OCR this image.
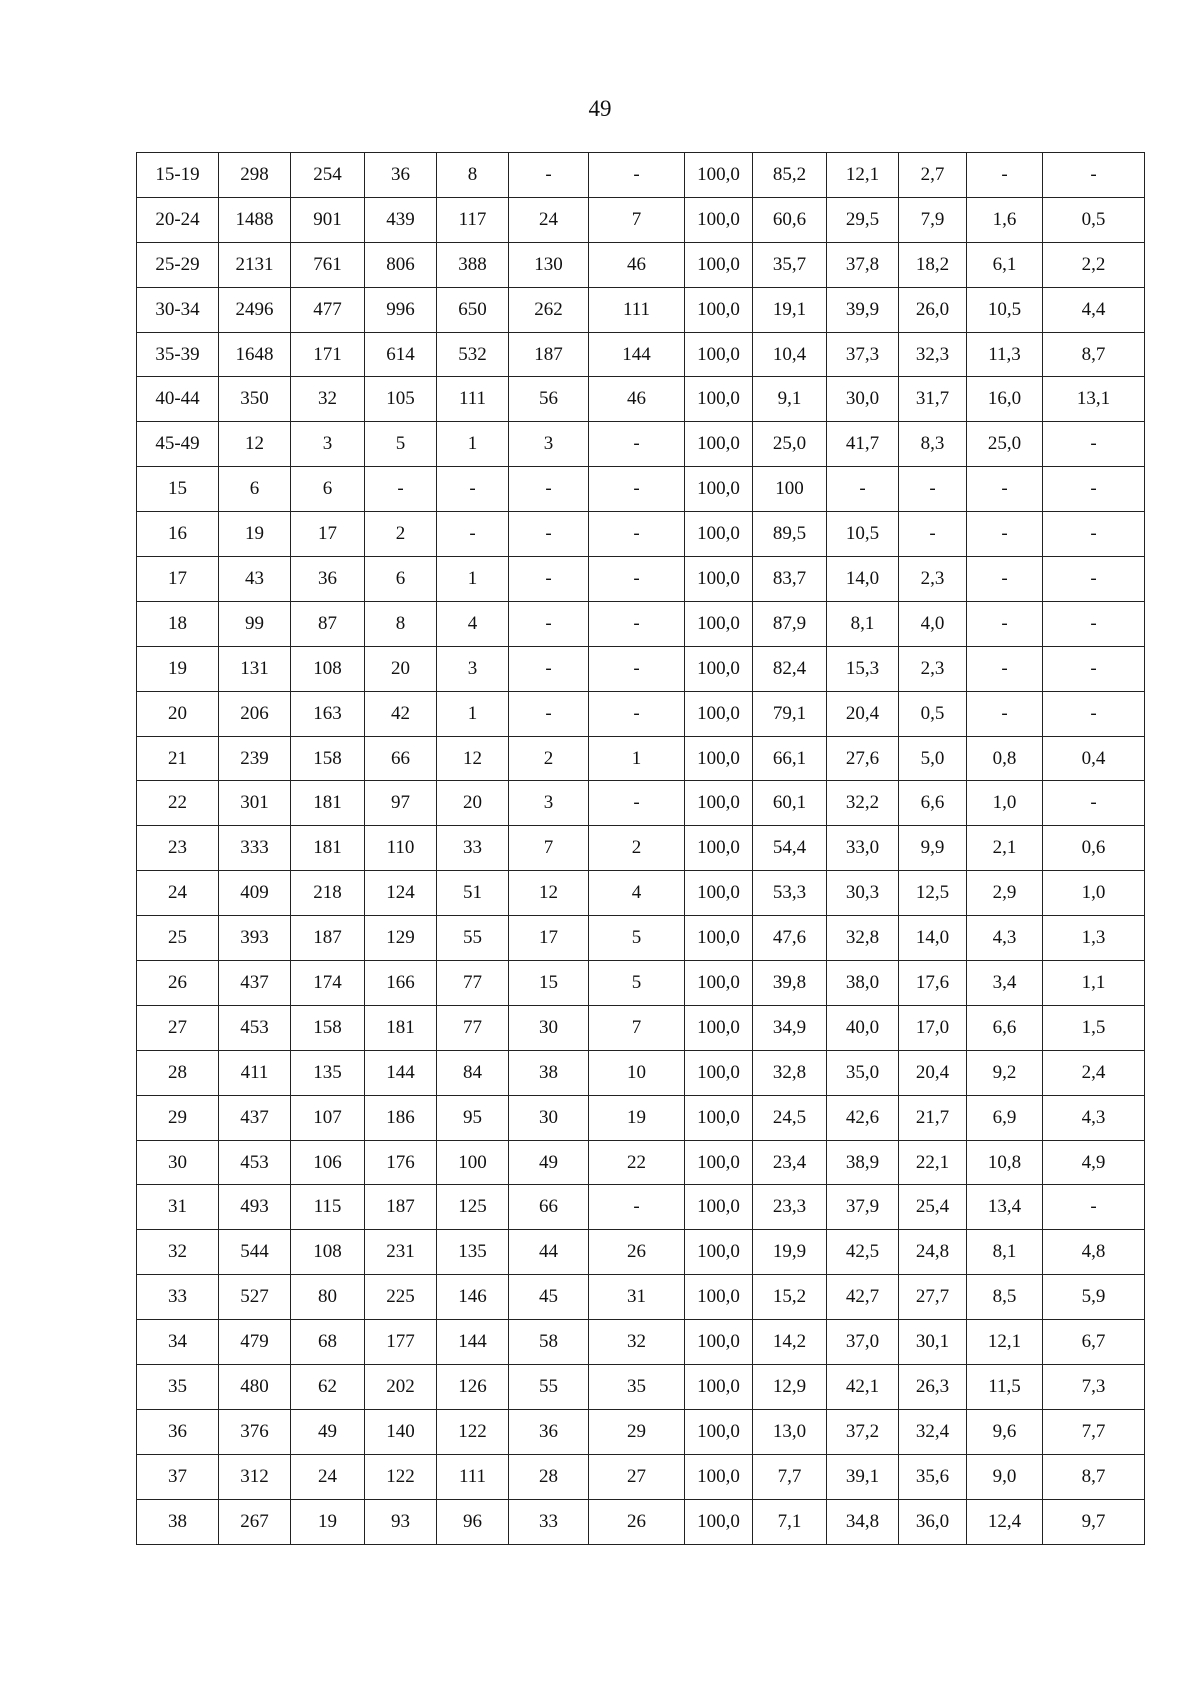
49
15-19	298	254	36	8	-	-	100,0	85,2	12,1	2,7	-	-
20-24	1488	901	439	117	24	7	100,0	60,6	29,5	7,9	1,6	0,5
25-29	2131	761	806	388	130	46	100,0	35,7	37,8	18,2	6,1	2,2
30-34	2496	477	996	650	262	111	100,0	19,1	39,9	26,0	10,5	4,4
35-39	1648	171	614	532	187	144	100,0	10,4	37,3	32,3	11,3	8,7
40-44	350	32	105	111	56	46	100,0	9,1	30,0	31,7	16,0	13,1
45-49	12	3	5	1	3	-	100,0	25,0	41,7	8,3	25,0	-
15	6	6	-	-	-	-	100,0	100	-	-	-	-
16	19	17	2	-	-	-	100,0	89,5	10,5	-	-	-
17	43	36	6	1	-	-	100,0	83,7	14,0	2,3	-	-
18	99	87	8	4	-	-	100,0	87,9	8,1	4,0	-	-
19	131	108	20	3	-	-	100,0	82,4	15,3	2,3	-	-
20	206	163	42	1	-	-	100,0	79,1	20,4	0,5	-	-
21	239	158	66	12	2	1	100,0	66,1	27,6	5,0	0,8	0,4
22	301	181	97	20	3	-	100,0	60,1	32,2	6,6	1,0	-
23	333	181	110	33	7	2	100,0	54,4	33,0	9,9	2,1	0,6
24	409	218	124	51	12	4	100,0	53,3	30,3	12,5	2,9	1,0
25	393	187	129	55	17	5	100,0	47,6	32,8	14,0	4,3	1,3
26	437	174	166	77	15	5	100,0	39,8	38,0	17,6	3,4	1,1
27	453	158	181	77	30	7	100,0	34,9	40,0	17,0	6,6	1,5
28	411	135	144	84	38	10	100,0	32,8	35,0	20,4	9,2	2,4
29	437	107	186	95	30	19	100,0	24,5	42,6	21,7	6,9	4,3
30	453	106	176	100	49	22	100,0	23,4	38,9	22,1	10,8	4,9
31	493	115	187	125	66	-	100,0	23,3	37,9	25,4	13,4	-
32	544	108	231	135	44	26	100,0	19,9	42,5	24,8	8,1	4,8
33	527	80	225	146	45	31	100,0	15,2	42,7	27,7	8,5	5,9
34	479	68	177	144	58	32	100,0	14,2	37,0	30,1	12,1	6,7
35	480	62	202	126	55	35	100,0	12,9	42,1	26,3	11,5	7,3
36	376	49	140	122	36	29	100,0	13,0	37,2	32,4	9,6	7,7
37	312	24	122	111	28	27	100,0	7,7	39,1	35,6	9,0	8,7
38	267	19	93	96	33	26	100,0	7,1	34,8	36,0	12,4	9,7
